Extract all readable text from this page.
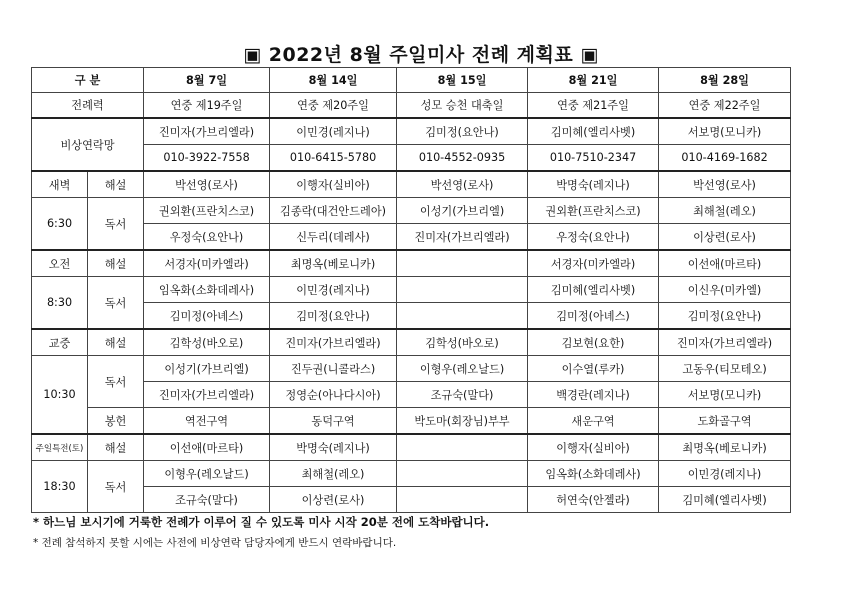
▣ 2022년 8월 주일미사 전례 계획표 ▣
구 분		8월 7일	8월 14일	8월 15일	8월 21일	8월 28일
전례력		연중 제19주일	연중 제20주일	성모 승천 대축일	연중 제21주일	연중 제22주일
비상연락망		진미자(가브리엘라)	이민경(레지나)	김미정(요안나)	김미혜(엘리사벳)	서보명(모니카)
		010-3922-7558	010-6415-5780	010-4552-0935	010-7510-2347	010-4169-1682
새벽	해설	박선영(로사)	이행자(실비아)	박선영(로사)	박명숙(레지나)	박선영(로사)
6:30	독서	권외환(프란치스코)	김종락(대건안드레아)	이성기(가브리엘)	권외환(프란치스코)	최해철(레오)
		우정숙(요안나)	신두리(데레사)	진미자(가브리엘라)	우정숙(요안나)	이상련(로사)
오전	해설	서경자(미카엘라)	최명옥(베로니카)		서경자(미카엘라)	이선애(마르타)
8:30	독서	임옥화(소화데레사)	이민경(레지나)		김미혜(엘리사벳)	이신우(미카엘)
		김미정(아녜스)	김미정(요안나)		김미정(아녜스)	김미정(요안나)
교중	해설	김학성(바오로)	진미자(가브리엘라)	김학성(바오로)	김보현(요한)	진미자(가브리엘라)
10:30	독서	이성기(가브리엘)	진두권(니콜라스)	이형우(레오날드)	이수열(루카)	고동우(티모테오)
		진미자(가브리엘라)	정영순(아나다시아)	조규숙(말다)	백경란(레지나)	서보명(모니카)
	봉헌	역전구역	동덕구역	박도마(회장님)부부	새운구역	도화골구역
주일특전(토)	해설	이선애(마르타)	박명숙(레지나)		이행자(실비아)	최명옥(베로니카)
18:30	독서	이형우(레오날드)	최해철(레오)		임옥화(소화데레사)	이민경(레지나)
		조규숙(말다)	이상련(로사)		허연숙(안젤라)	김미혜(엘리사벳)
* 하느님 보시기에 거룩한 전례가 이루어 질 수 있도록 미사 시작 20분 전에 도착바랍니다.
* 전례 참석하지 못할 시에는 사전에 비상연락 담당자에게 반드시 연락바랍니다.
